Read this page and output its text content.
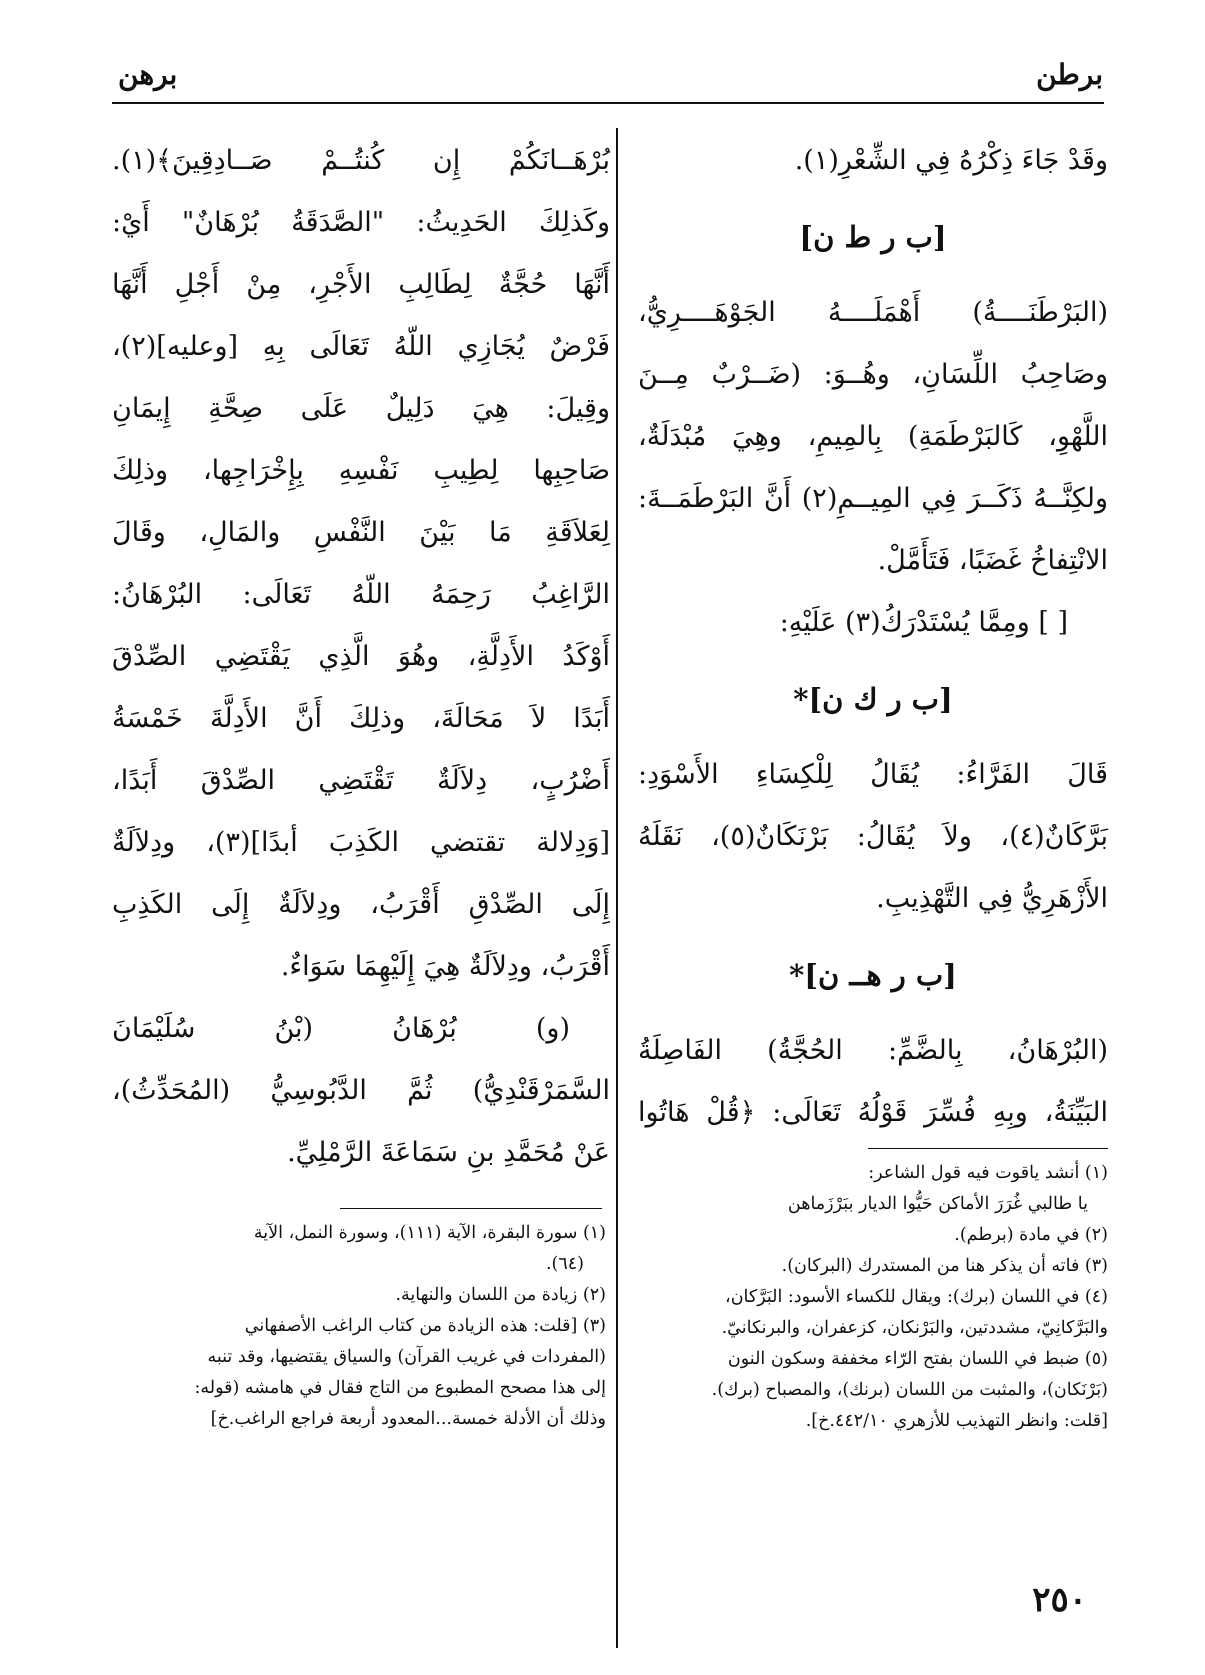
برطن
برهن
وقَدْ جَاءَ ذِكْرُهُ فِي الشِّعْرِ(١).
[ب ر ط ن]
(البَرْطَنَــــةُ) أَهْمَلَــــهُ الجَوْهَــــرِيُّ،
وصَاحِبُ اللِّسَانِ، وهُــوَ: (ضَــرْبٌ مِــنَ
اللَّهْوِ، كَالبَرْطَمَةِ) بِالمِيمِ، وهِيَ مُبْدَلَةٌ،
ولكِنَّــهُ ذَكَــرَ فِي المِيــمِ(٢) أَنَّ البَرْطَمَــةَ:
الانْتِفاخُ غَضَبًا، فَتَأَمَّلْ.
[ ] ومِمَّا يُسْتَدْرَكُ(٣) عَلَيْهِ:
[ب ر ك ن]*
قَالَ الفَرَّاءُ: يُقَالُ لِلْكِسَاءِ الأَسْوَدِ:
بَرَّكَانٌ(٤)، ولاَ يُقَالُ: بَرْنَكَانٌ(٥)، نَقَلَهُ
الأَزْهَرِيُّ فِي التَّهْذِيبِ.
[ب ر هــ ن]*
(البُرْهَانُ، بِالضَّمِّ: الحُجَّةُ) الفَاصِلَةُ
البَيِّنَةُ، وبِهِ فُسِّرَ قَوْلُهُ تَعَالَى: ﴿قُلْ هَاتُوا
(١) أنشد ياقوت فيه قول الشاعر:
يا طالبي غُرَرَ الأماكن حَيُّوا الديار ببَرْزَماهن
(٢) في مادة (برطم).
(٣) فاته أن يذكر هنا من المستدرك (البركان).
(٤) في اللسان (برك): ويقال للكساء الأسود: البَرَّكان،
والبَرَّكانِيّ، مشددتين، والبَرْنكان، كزعفران، والبرنكانيّ.
(٥) ضبط في اللسان بفتح الرّاء مخففة وسكون النون
(بَرْنَكان)، والمثبت من اللسان (برنك)، والمصباح (برك).
[قلت: وانظر التهذيب للأزهري ٤٤٢/١٠.خ].
بُرْهَــانَكُمْ إِن كُنتُــمْ صَــادِقِينَ﴾(١).
وكَذلِكَ الحَدِيثُ: "الصَّدَقَةُ بُرْهَانٌ" أَيْ:
أَنَّهَا حُجَّةٌ لِطَالِبِ الأَجْرِ، مِنْ أَجْلِ أَنَّهَا
فَرْضٌ يُجَازِي اللّهُ تَعَالَى بِهِ [وعليه](٢)،
وقِيلَ: هِيَ دَلِيلٌ عَلَى صِحَّةِ إِيمَانِ
صَاحِبِها لِطِيبِ نَفْسِهِ بِإِخْرَاجِها، وذلِكَ
لِعَلاَقَةِ مَا بَيْنَ النَّفْسِ والمَالِ، وقَالَ
الرَّاغِبُ رَحِمَهُ اللّهُ تَعَالَى: البُرْهَانُ:
أَوْكَدُ الأَدِلَّةِ، وهُوَ الَّذِي يَقْتَضِي الصِّدْقَ
أَبَدًا لاَ مَحَالَةَ، وذلِكَ أَنَّ الأَدِلَّةَ خَمْسَةُ
أَضْرُبٍ، دِلاَلَةٌ تَقْتَضِي الصِّدْقَ أَبَدًا،
[وَدِلالة تقتضي الكَذِبَ أبدًا](٣)، ودِلاَلَةٌ
إِلَى الصِّدْقِ أَقْرَبُ، ودِلاَلَةٌ إِلَى الكَذِبِ
أَقْرَبُ، ودِلاَلَةٌ هِيَ إِلَيْهِمَا سَوَاءٌ.
(و) بُرْهَانُ (بْنُ سُلَيْمَانَ
السَّمَرْقَنْدِيُّ) ثُمَّ الدَّبُوسِيُّ (المُحَدِّثُ)،
عَنْ مُحَمَّدِ بنِ سَمَاعَةَ الرَّمْلِيِّ.
(١) سورة البقرة، الآية (١١١)، وسورة النمل، الآية
(٦٤).
(٢) زيادة من اللسان والنهاية.
(٣) [قلت: هذه الزيادة من كتاب الراغب الأصفهاني
(المفردات في غريب القرآن) والسياق يقتضيها، وقد تنبه
إلى هذا مصحح المطبوع من التاج فقال في هامشه (قوله:
وذلك أن الأدلة خمسة...المعدود أربعة فراجع الراغب.خ]
٢٥٠
